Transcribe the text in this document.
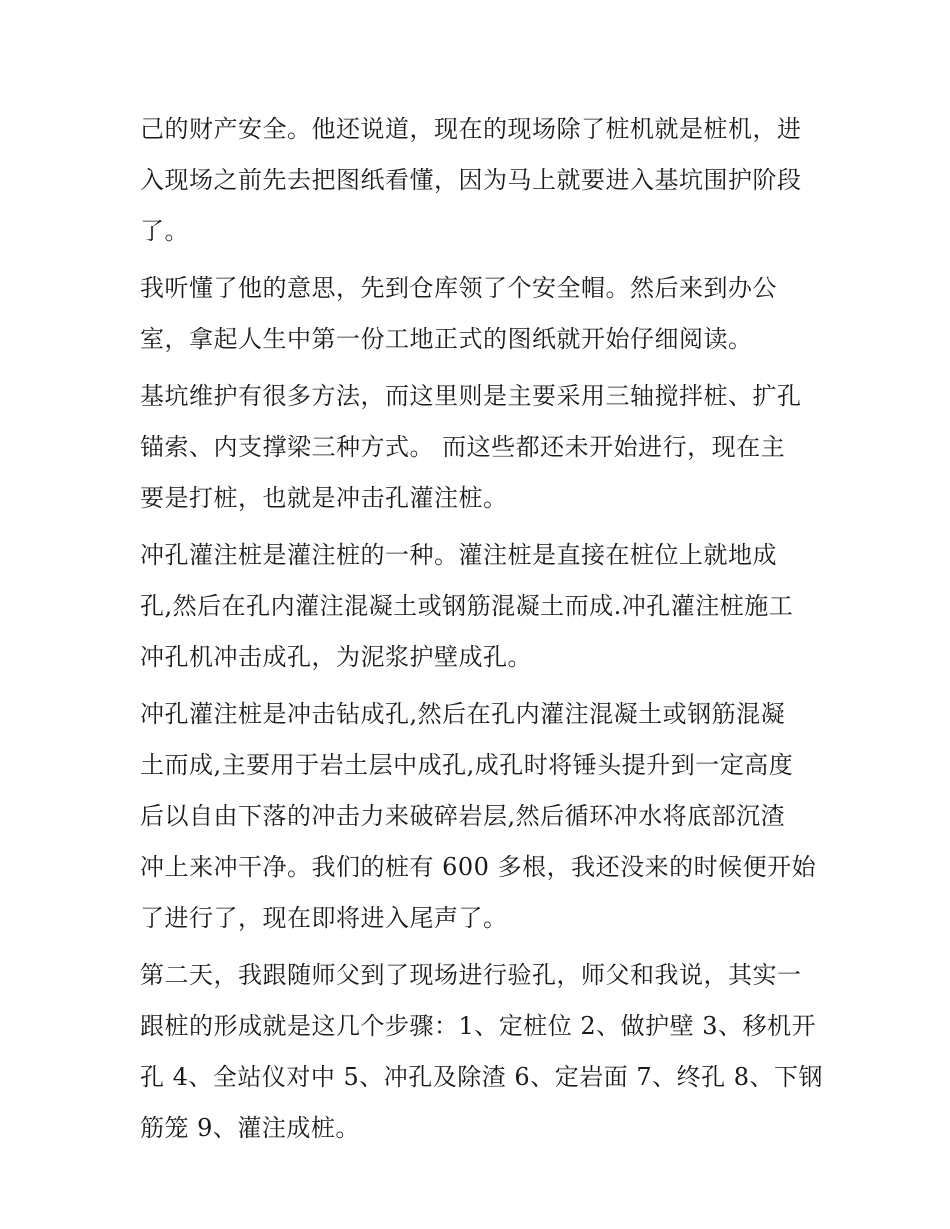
己的财产安全。他还说道，现在的现场除了桩机就是桩机，进
入现场之前先去把图纸看懂，因为马上就要进入基坑围护阶段
了。

我听懂了他的意思，先到仓库领了个安全帽。然后来到办公
室，拿起人生中第一份工地正式的图纸就开始仔细阅读。

基坑维护有很多方法，而这里则是主要采用三轴搅拌桩、扩孔
锚索、内支撑梁三种方式。 而这些都还未开始进行，现在主
要是打桩，也就是冲击孔灌注桩。

冲孔灌注桩是灌注桩的一种。灌注桩是直接在桩位上就地成
孔,然后在孔内灌注混凝土或钢筋混凝土而成.冲孔灌注桩施工
冲孔机冲击成孔，为泥浆护壁成孔。

冲孔灌注桩是冲击钻成孔,然后在孔内灌注混凝土或钢筋混凝
土而成,主要用于岩土层中成孔,成孔时将锤头提升到一定高度
后以自由下落的冲击力来破碎岩层,然后循环冲水将底部沉渣
冲上来冲干净。我们的桩有 600 多根，我还没来的时候便开始
了进行了，现在即将进入尾声了。

第二天，我跟随师父到了现场进行验孔，师父和我说，其实一
跟桩的形成就是这几个步骤：1、定桩位 2、做护壁 3、移机开
孔 4、全站仪对中 5、冲孔及除渣 6、定岩面 7、终孔 8、下钢
筋笼 9、灌注成桩。
